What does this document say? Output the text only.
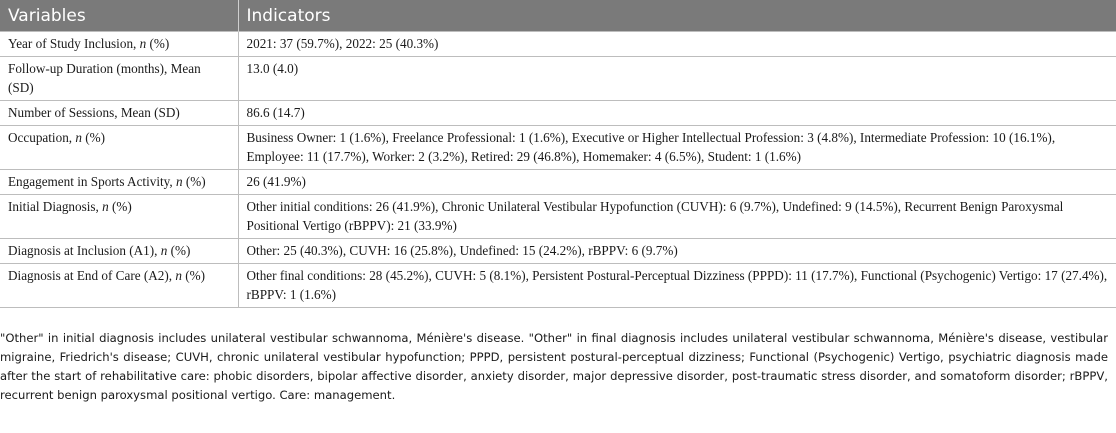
Variables	Indicators
Year of Study Inclusion, n (%)	2021: 37 (59.7%), 2022: 25 (40.3%)
Follow-up Duration (months), Mean (SD)	13.0 (4.0)
Number of Sessions, Mean (SD)	86.6 (14.7)
Occupation, n (%)	Business Owner: 1 (1.6%), Freelance Professional: 1 (1.6%), Executive or Higher Intellectual Profession: 3 (4.8%), Intermediate Profession: 10 (16.1%), Employee: 11 (17.7%), Worker: 2 (3.2%), Retired: 29 (46.8%), Homemaker: 4 (6.5%), Student: 1 (1.6%)
Engagement in Sports Activity, n (%)	26 (41.9%)
Initial Diagnosis, n (%)	Other initial conditions: 26 (41.9%), Chronic Unilateral Vestibular Hypofunction (CUVH): 6 (9.7%), Undefined: 9 (14.5%), Recurrent Benign Paroxysmal Positional Vertigo (rBPPV): 21 (33.9%)
Diagnosis at Inclusion (A1), n (%)	Other: 25 (40.3%), CUVH: 16 (25.8%), Undefined: 15 (24.2%), rBPPV: 6 (9.7%)
Diagnosis at End of Care (A2), n (%)	Other final conditions: 28 (45.2%), CUVH: 5 (8.1%), Persistent Postural-Perceptual Dizziness (PPPD): 11 (17.7%), Functional (Psychogenic) Vertigo: 17 (27.4%), rBPPV: 1 (1.6%)
"Other" in initial diagnosis includes unilateral vestibular schwannoma, Ménière's disease. "Other" in final diagnosis includes unilateral vestibular schwannoma, Ménière's disease, vestibular migraine, Friedrich's disease; CUVH, chronic unilateral vestibular hypofunction; PPPD, persistent postural-perceptual dizziness; Functional (Psychogenic) Vertigo, psychiatric diagnosis made after the start of rehabilitative care: phobic disorders, bipolar affective disorder, anxiety disorder, major depressive disorder, post-traumatic stress disorder, and somatoform disorder; rBPPV, recurrent benign paroxysmal positional vertigo. Care: management.
